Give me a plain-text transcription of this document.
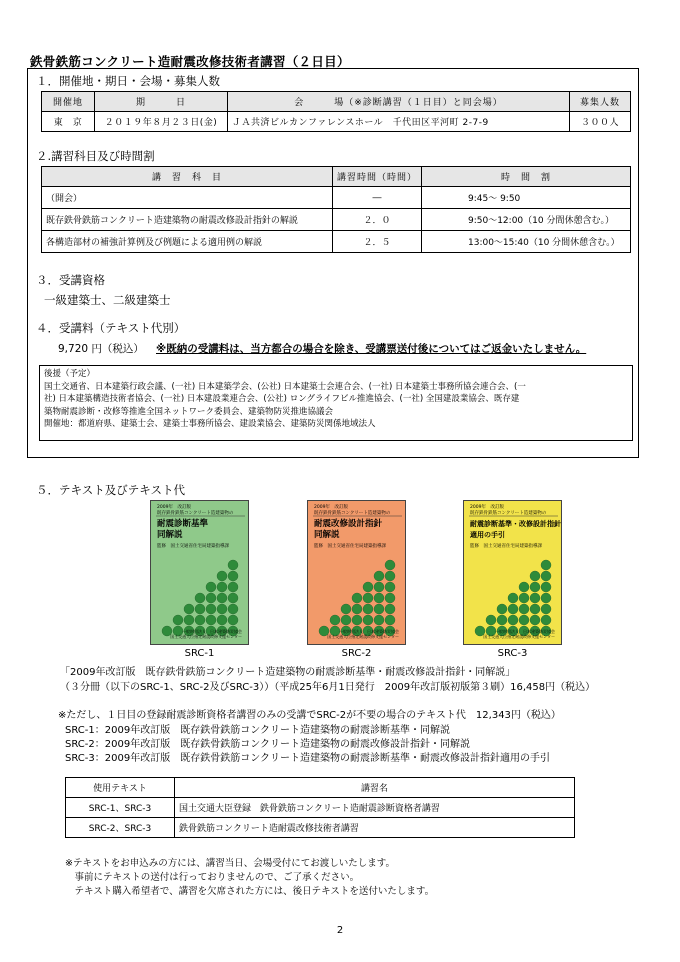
鉄骨鉄筋コンクリート造耐震改修技術者講習（２日目）
１．開催地・期日・会場・募集人数
開催地	期　　　日	会　　　場（※診断講習（１日目）と同会場）	募集人数
東　京	２０１９年８月２３日(金)	ＪＡ共済ビルカンファレンスホール　千代田区平河町 2-7-9	３００人
２.講習科目及び時間割
講　習　科　目	講習時間（時間）	時　間　割
（開会）	―	9:45～ 9:50
既存鉄骨鉄筋コンクリート造建築物の耐震改修設計指針の解説	２．０	9:50～12:00（10 分間休憩含む。）
各構造部材の補強計算例及び例題による適用例の解説	２．５	13:00～15:40（10 分間休憩含む。）
３．受講資格
一級建築士、二級建築士
４．受講料（テキスト代別）
9,720 円（税込） ※既納の受講料は、当方都合の場合を除き、受講票送付後についてはご返金いたしません。

後援（予定）

国土交通省、日本建築行政会議、(一社) 日本建築学会、(公社) 日本建築士会連合会、(一社) 日本建築士事務所協会連合会、(一

社) 日本建築構造技術者協会、(一社) 日本建設業連合会、(公社) ロングライフビル推進協会、(一社) 全国建設業協会、既存建

築物耐震診断・改修等推進全国ネットワーク委員会、建築物防災推進協議会

開催地：都道府県、建築士会、建築士事務所協会、建設業協会、建築防災関係地域法人

５．テキスト及びテキスト代
2009年　改訂版
既存鉄骨鉄筋コンクリート造建築物の
耐震診断基準
同解説
監修　国土交通省住宅局建築指導課
一般財団法人　日本建築防災協会
国土交通大臣指定耐震改修支援センター
2009年　改訂版
既存鉄骨鉄筋コンクリート造建築物の
耐震改修設計指針
同解説
監修　国土交通省住宅局建築指導課
一般財団法人　日本建築防災協会
国土交通大臣指定耐震改修支援センター
2009年　改訂版
既存鉄骨鉄筋コンクリート造建築物の
耐震診断基準・改修設計指針
適用の手引
監修　国土交通省住宅局建築指導課
一般財団法人　日本建築防災協会
国土交通大臣指定耐震改修支援センター
SRC-1	SRC-2	SRC-3
「2009年改訂版　既存鉄骨鉄筋コンクリート造建築物の耐震診断基準・耐震改修設計指針・同解説」
（３分冊（以下のSRC-1、SRC-2及びSRC-3））（平成25年6月1日発行　2009年改訂版初版第３刷）16,458円（税込）
※ただし、１日目の登録耐震診断資格者講習のみの受講でSRC-2が不要の場合のテキスト代　12,343円（税込）
SRC-1：2009年改訂版　既存鉄骨鉄筋コンクリート造建築物の耐震診断基準・同解説
SRC-2：2009年改訂版　既存鉄骨鉄筋コンクリート造建築物の耐震改修設計指針・同解説
SRC-3：2009年改訂版　既存鉄骨鉄筋コンクリート造建築物の耐震診断基準・耐震改修設計指針適用の手引
使用テキスト	講習名
SRC-1、SRC-3	国土交通大臣登録　鉄骨鉄筋コンクリート造耐震診断資格者講習
SRC-2、SRC-3	鉄骨鉄筋コンクリート造耐震改修技術者講習

※テキストをお申込みの方には、講習当日、会場受付にてお渡しいたします。

　事前にテキストの送付は行っておりませんので、ご了承ください。

　テキスト購入希望者で、講習を欠席された方には、後日テキストを送付いたします。

2
